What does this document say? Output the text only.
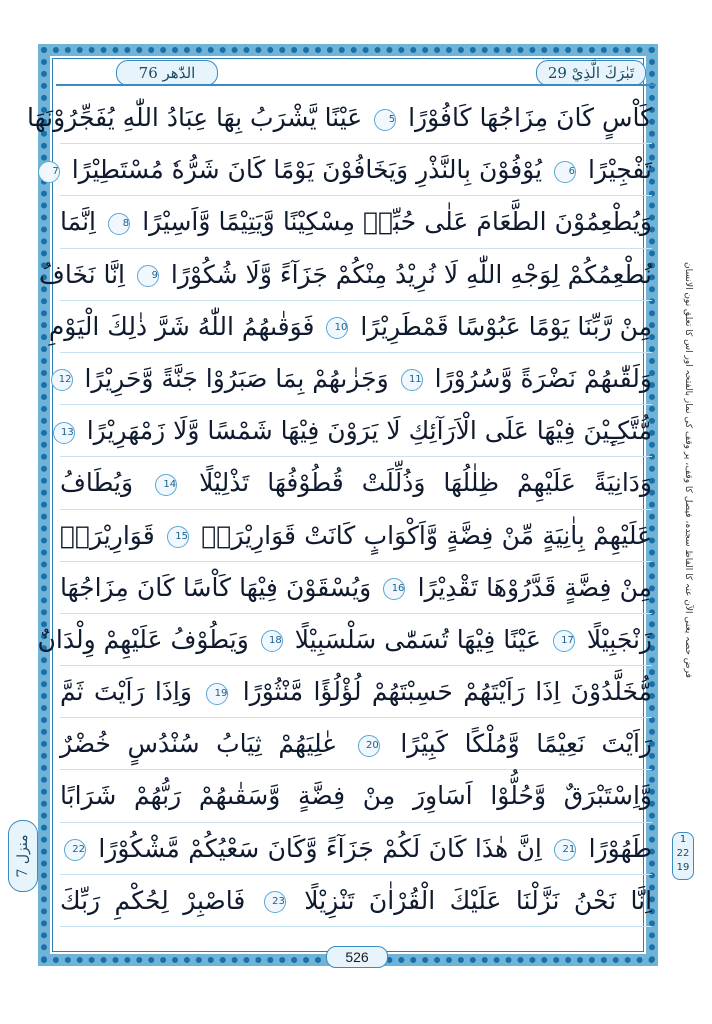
الدّٰھر 76	تَبٰرَكَ الَّذِيْ 29
كَاْسٍ كَانَ مِزَاجُهَا كَافُوْرًا 5 عَيْنًا يَّشْرَبُ بِهَا عِبَادُ اللّٰهِ يُفَجِّرُوْنَهَا
تَفْجِيْرًا 6 يُوْفُوْنَ بِالنَّذْرِ وَيَخَافُوْنَ يَوْمًا كَانَ شَرُّهٗ مُسْتَطِيْرًا 7
وَيُطْعِمُوْنَ الطَّعَامَ عَلٰى حُبِّهٖ مِسْكِيْنًا وَّيَتِيْمًا وَّاَسِيْرًا 8 اِنَّمَا
نُطْعِمُكُمْ لِوَجْهِ اللّٰهِ لَا نُرِيْدُ مِنْكُمْ جَزَآءً وَّلَا شُكُوْرًا 9 اِنَّا نَخَافُ
مِنْ رَّبِّنَا يَوْمًا عَبُوْسًا قَمْطَرِيْرًا 10 فَوَقٰىهُمُ اللّٰهُ شَرَّ ذٰلِكَ الْيَوْمِ
وَلَقّٰىهُمْ نَضْرَةً وَّسُرُوْرًا 11 وَجَزٰىهُمْ بِمَا صَبَرُوْا جَنَّةً وَّحَرِيْرًا 12
مُّتَّكِـِٕيْنَ فِيْهَا عَلَى الْاَرَآئِكِ لَا يَرَوْنَ فِيْهَا شَمْسًا وَّلَا زَمْهَرِيْرًا 13
وَدَانِيَةً عَلَيْهِمْ ظِلٰلُهَا وَذُلِّلَتْ قُطُوْفُهَا تَذْلِيْلًا 14 وَيُطَافُ
عَلَيْهِمْ بِاٰنِيَةٍ مِّنْ فِضَّةٍ وَّاَكْوَابٍ كَانَتْ قَوَارِيْرَا۠ 15 قَوَارِيْرَا۠
مِنْ فِضَّةٍ قَدَّرُوْهَا تَقْدِيْرًا 16 وَيُسْقَوْنَ فِيْهَا كَاْسًا كَانَ مِزَاجُهَا
زَنْجَبِيْلًا 17 عَيْنًا فِيْهَا تُسَمّٰى سَلْسَبِيْلًا 18 وَيَطُوْفُ عَلَيْهِمْ وِلْدَانٌ
مُّخَلَّدُوْنَ اِذَا رَاَيْتَهُمْ حَسِبْتَهُمْ لُؤْلُؤًا مَّنْثُوْرًا 19 وَاِذَا رَاَيْتَ ثَمَّ
رَاَيْتَ نَعِيْمًا وَّمُلْكًا كَبِيْرًا 20 عٰلِيَهُمْ ثِيَابُ سُنْدُسٍ خُضْرٌ
وَّاِسْتَبْرَقٌ وَّحُلُّوْا اَسَاوِرَ مِنْ فِضَّةٍ وَّسَقٰىهُمْ رَبُّهُمْ شَرَابًا
طَهُوْرًا 21 اِنَّ هٰذَا كَانَ لَكُمْ جَزَآءً وَّكَانَ سَعْيُكُمْ مَّشْكُوْرًا 22
اِنَّا نَحْنُ نَزَّلْنَا عَلَيْكَ الْقُرْاٰنَ تَنْزِيْلًا 23 فَاصْبِرْ لِحُكْمِ رَبِّكَ
منزل 7
فرض حصہ یعنی الآن عنہ کا الفاظ سجدہ، فیصل کا وقف، پر وقف کی نماز بالفتحہ اور اس کا تعلق نون الانسان
1
22
19
526
